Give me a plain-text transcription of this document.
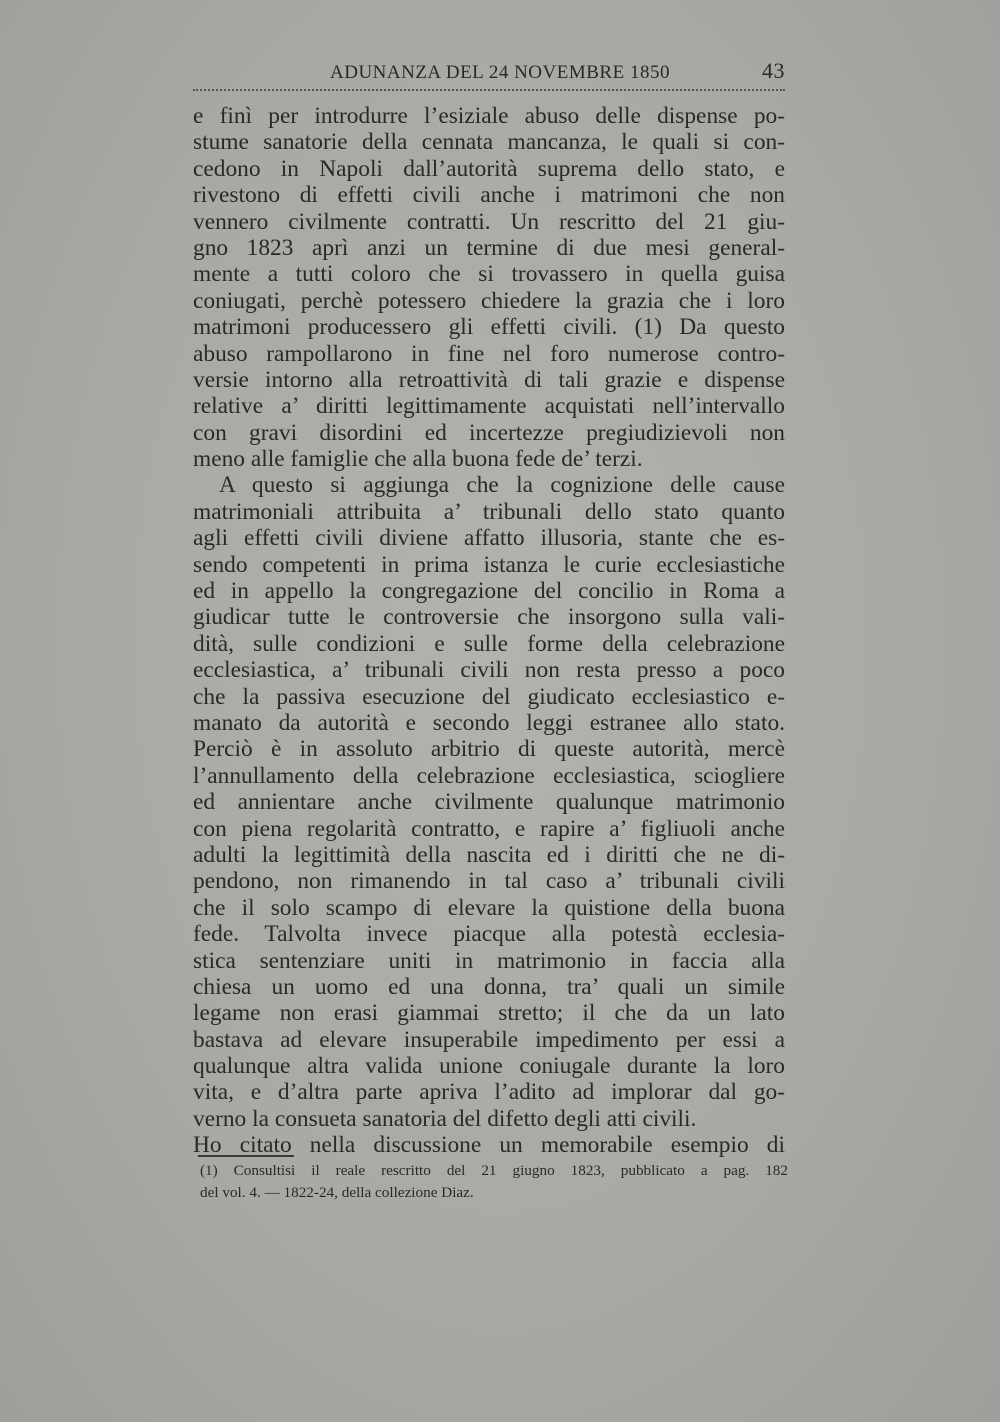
ADUNANZA DEL 24 NOVEMBRE 1850	43
e finì per introdurre l’esiziale abuso delle dispense po-
stume sanatorie della cennata mancanza, le quali si con-
cedono in Napoli dall’autorità suprema dello stato, e
rivestono di effetti civili anche i matrimoni che non
vennero civilmente contratti. Un rescritto del 21 giu-
gno 1823 aprì anzi un termine di due mesi general-
mente a tutti coloro che si trovassero in quella guisa
coniugati, perchè potessero chiedere la grazia che i loro
matrimoni producessero gli effetti civili. (1) Da questo
abuso rampollarono in fine nel foro numerose contro-
versie intorno alla retroattività di tali grazie e dispense
relative a’ diritti legittimamente acquistati nell’intervallo
con gravi disordini ed incertezze pregiudizievoli non
meno alle famiglie che alla buona fede de’ terzi.
A questo si aggiunga che la cognizione delle cause
matrimoniali attribuita a’ tribunali dello stato quanto
agli effetti civili diviene affatto illusoria, stante che es-
sendo competenti in prima istanza le curie ecclesiastiche
ed in appello la congregazione del concilio in Roma a
giudicar tutte le controversie che insorgono sulla vali-
dità, sulle condizioni e sulle forme della celebrazione
ecclesiastica, a’ tribunali civili non resta presso a poco
che la passiva esecuzione del giudicato ecclesiastico e-
manato da autorità e secondo leggi estranee allo stato.
Perciò è in assoluto arbitrio di queste autorità, mercè
l’annullamento della celebrazione ecclesiastica, sciogliere
ed annientare anche civilmente qualunque matrimonio
con piena regolarità contratto, e rapire a’ figliuoli anche
adulti la legittimità della nascita ed i diritti che ne di-
pendono, non rimanendo in tal caso a’ tribunali civili
che il solo scampo di elevare la quistione della buona
fede. Talvolta invece piacque alla potestà ecclesia-
stica sentenziare uniti in matrimonio in faccia alla
chiesa un uomo ed una donna, tra’ quali un simile
legame non erasi giammai stretto; il che da un lato
bastava ad elevare insuperabile impedimento per essi a
qualunque altra valida unione coniugale durante la loro
vita, e d’altra parte apriva l’adito ad implorar dal go-
verno la consueta sanatoria del difetto degli atti civili.
Ho citato nella discussione un memorabile esempio di
(1) Consultisi il reale rescritto del 21 giugno 1823, pubblicato a pag. 182
del vol. 4. — 1822-24, della collezione Diaz.
